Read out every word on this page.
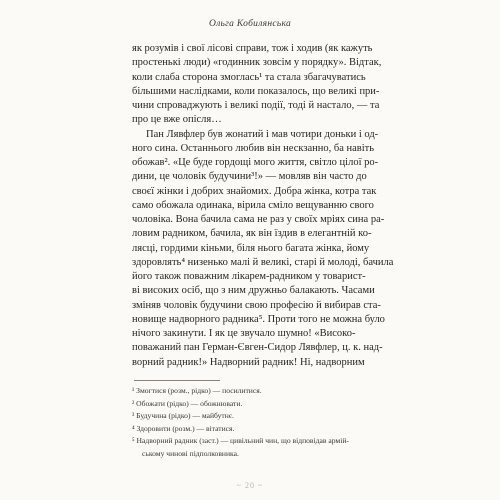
Ольга Кобилянська
як розумів і свої лісові справи, тож і ходив (як кажуть
простенькі люди) «годинник зовсім у порядку». Відтак,
коли слаба сторона змоглась¹ та стала збагачуватись
більшими наслідками, коли показалось, що великі при-
чини спроваджують і великі події, тоді й настало, — та
про це вже опісля…
Пан Лявфлер був жонатий і мав чотири доньки і од-
ного сина. Останнього любив він нескзанно, ба навіть
обожав². «Це буде гордощі мого життя, світло цілої ро-
дини, це чоловік будучини³!» — мовляв він часто до
своєї жінки і добрих знайомих. Добра жінка, котра так
само обожала одинака, вірила сміло вещуванню свого
чоловіка. Вона бачила сама не раз у своїх мріях сина ра-
ловим радником, бачила, як він їздив в елегантній ко-
лясці, гордими кіньми, біля нього багата жінка, йому
здоровлять⁴ низенько малі й великі, старі й молоді, бачила
його також поважним лікарем-радником у товарист-
ві високих осіб, що з ним дружньо балакають. Часами
зміняв чоловік будучини свою професію й вибирав ста-
новище надворного радника⁵. Проти того не можна було
нічого закинути. І як це звучало шумно! «Високо-
поважаний пан Герман-Євген-Сидор Лявфлер, ц. к. над-
ворний радник!» Надворний радник! Ні, надворним
¹ Змогтися (розм., рідко) — посилитися.
² Обожати (рідко) — обожнювати.
³ Будучина (рідко) — майбутнє.
⁴ Здоровити (розм.) — вітатися.
⁵ Надворний радник (заст.) — цивільний чин, що відповідав армій-
ському чинові підполковника.
~ 20 ~
